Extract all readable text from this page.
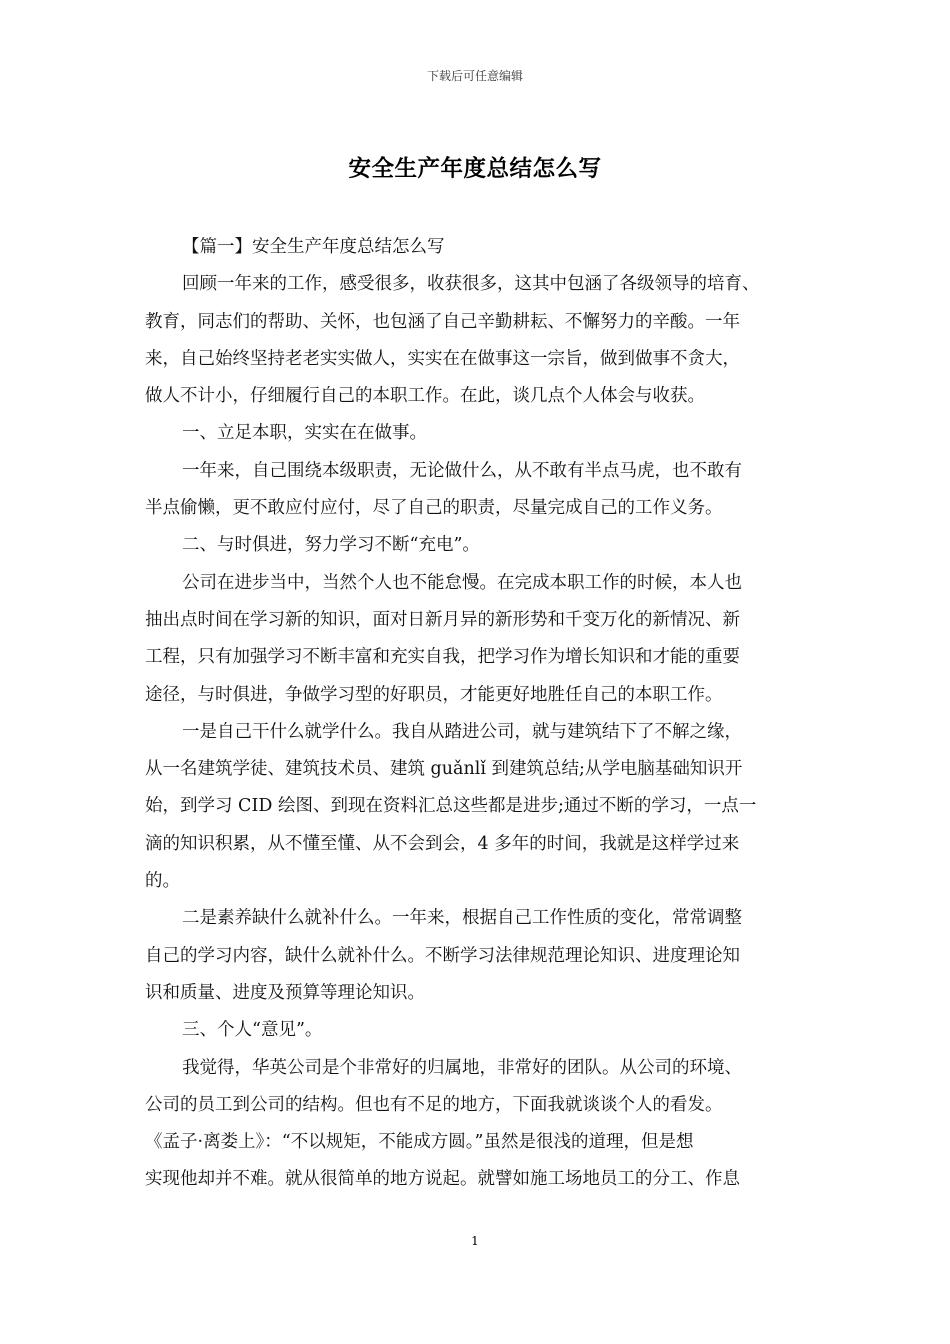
下载后可任意编辑
安全生产年度总结怎么写
【篇一】安全生产年度总结怎么写
回顾一年来的工作，感受很多，收获很多，这其中包涵了各级领导的培育、
教育，同志们的帮助、关怀，也包涵了自己辛勤耕耘、不懈努力的辛酸。一年
来，自己始终坚持老老实实做人，实实在在做事这一宗旨，做到做事不贪大，
做人不计小，仔细履行自己的本职工作。在此，谈几点个人体会与收获。
一、立足本职，实实在在做事。
一年来，自己围绕本级职责，无论做什么，从不敢有半点马虎，也不敢有
半点偷懒，更不敢应付应付，尽了自己的职责，尽量完成自己的工作义务。
二、与时俱进，努力学习不断“充电”。
公司在进步当中，当然个人也不能怠慢。在完成本职工作的时候，本人也
抽出点时间在学习新的知识，面对日新月异的新形势和千变万化的新情况、新
工程，只有加强学习不断丰富和充实自我，把学习作为增长知识和才能的重要
途径，与时俱进，争做学习型的好职员，才能更好地胜任自己的本职工作。
一是自己干什么就学什么。我自从踏进公司，就与建筑结下了不解之缘，
从一名建筑学徒、建筑技术员、建筑 guǎnlǐ 到建筑总结;从学电脑基础知识开
始，到学习 CID 绘图、到现在资料汇总这些都是进步;通过不断的学习，一点一
滴的知识积累，从不懂至懂、从不会到会，4 多年的时间，我就是这样学过来
的。
二是素养缺什么就补什么。一年来，根据自己工作性质的变化，常常调整
自己的学习内容，缺什么就补什么。不断学习法律规范理论知识、进度理论知
识和质量、进度及预算等理论知识。
三、个人“意见”。
我觉得，华英公司是个非常好的归属地，非常好的团队。从公司的环境、
公司的员工到公司的结构。但也有不足的地方，下面我就谈谈个人的看发。
《孟子·离娄上》：“不以规矩，不能成方圆。”虽然是很浅的道理，但是想
实现他却并不难。就从很简单的地方说起。就譬如施工场地员工的分工、作息
1
